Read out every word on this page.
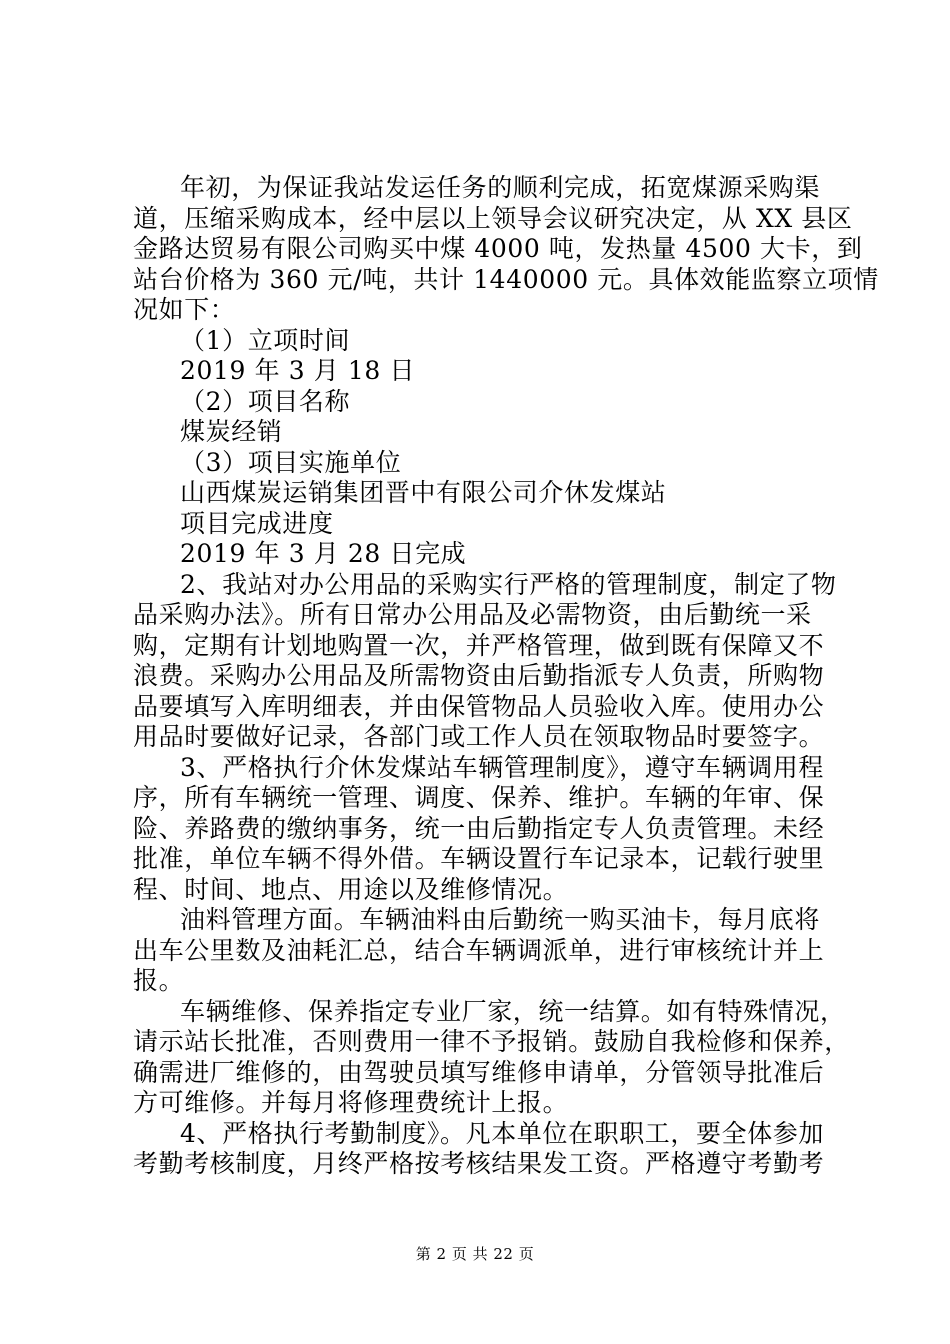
年初，为保证我站发运任务的顺利完成，拓宽煤源采购渠
道，压缩采购成本，经中层以上领导会议研究决定，从 XX 县区
金路达贸易有限公司购买中煤 4000 吨，发热量 4500 大卡，到
站台价格为 360 元/吨，共计 1440000 元。具体效能监察立项情
况如下：
（1）立项时间
2019 年 3 月 18 日
（2）项目名称
煤炭经销
（3）项目实施单位
山西煤炭运销集团晋中有限公司介休发煤站
项目完成进度
2019 年 3 月 28 日完成
2、我站对办公用品的采购实行严格的管理制度，制定了物
品采购办法》。所有日常办公用品及必需物资，由后勤统一采
购，定期有计划地购置一次，并严格管理，做到既有保障又不
浪费。采购办公用品及所需物资由后勤指派专人负责，所购物
品要填写入库明细表，并由保管物品人员验收入库。使用办公
用品时要做好记录，各部门或工作人员在领取物品时要签字。
3、严格执行介休发煤站车辆管理制度》，遵守车辆调用程
序，所有车辆统一管理、调度、保养、维护。车辆的年审、保
险、养路费的缴纳事务，统一由后勤指定专人负责管理。未经
批准，单位车辆不得外借。车辆设置行车记录本，记载行驶里
程、时间、地点、用途以及维修情况。
油料管理方面。车辆油料由后勤统一购买油卡，每月底将
出车公里数及油耗汇总，结合车辆调派单，进行审核统计并上
报。
车辆维修、保养指定专业厂家，统一结算。如有特殊情况，
请示站长批准，否则费用一律不予报销。鼓励自我检修和保养，
确需进厂维修的，由驾驶员填写维修申请单，分管领导批准后
方可维修。并每月将修理费统计上报。
4、严格执行考勤制度》。凡本单位在职职工，要全体参加
考勤考核制度，月终严格按考核结果发工资。严格遵守考勤考
第 2 页 共 22 页
